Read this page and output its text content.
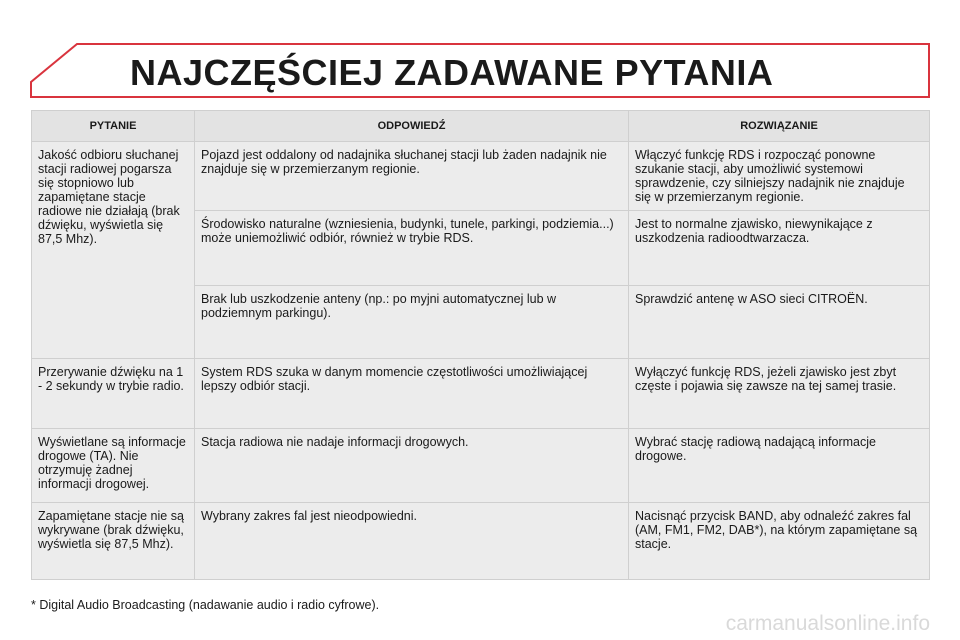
NAJCZĘŚCIEJ ZADAWANE PYTANIA
PYTANIE	ODPOWIEDŹ	ROZWIĄZANIE
Jakość odbioru słuchanej stacji radiowej pogarsza się stopniowo lub zapamiętane stacje radiowe nie działają (brak dźwięku, wyświetla się 87,5 Mhz).	Pojazd jest oddalony od nadajnika słuchanej stacji lub żaden nadajnik nie znajduje się w przemierzanym regionie.	Włączyć funkcję RDS i rozpocząć ponowne szukanie stacji, aby umożliwić systemowi sprawdzenie, czy silniejszy nadajnik nie znajduje się w przemierzanym regionie.
	Środowisko naturalne (wzniesienia, budynki, tunele, parkingi, podziemia...) może uniemożliwić odbiór, również w trybie RDS.	Jest to normalne zjawisko, niewynikające z uszkodzenia radioodtwarzacza.
	Brak lub uszkodzenie anteny (np.: po myjni automatycznej lub w podziemnym parkingu).	Sprawdzić antenę w ASO sieci CITROËN.
Przerywanie dźwięku na 1 - 2 sekundy w trybie radio.	System RDS szuka w danym momencie częstotliwości umożliwiającej lepszy odbiór stacji.	Wyłączyć funkcję RDS, jeżeli zjawisko jest zbyt częste i pojawia się zawsze na tej samej trasie.
Wyświetlane są informacje drogowe (TA). Nie otrzymuję żadnej informacji drogowej.	Stacja radiowa nie nadaje informacji drogowych.	Wybrać stację radiową nadającą informacje drogowe.
Zapamiętane stacje nie są wykrywane (brak dźwięku, wyświetla się 87,5 Mhz).	Wybrany zakres fal jest nieodpowiedni.	Nacisnąć przycisk BAND, aby odnaleźć zakres fal (AM, FM1, FM2, DAB*), na którym zapamiętane są stacje.
* Digital Audio Broadcasting (nadawanie audio i radio cyfrowe).
carmanualsonline.info
